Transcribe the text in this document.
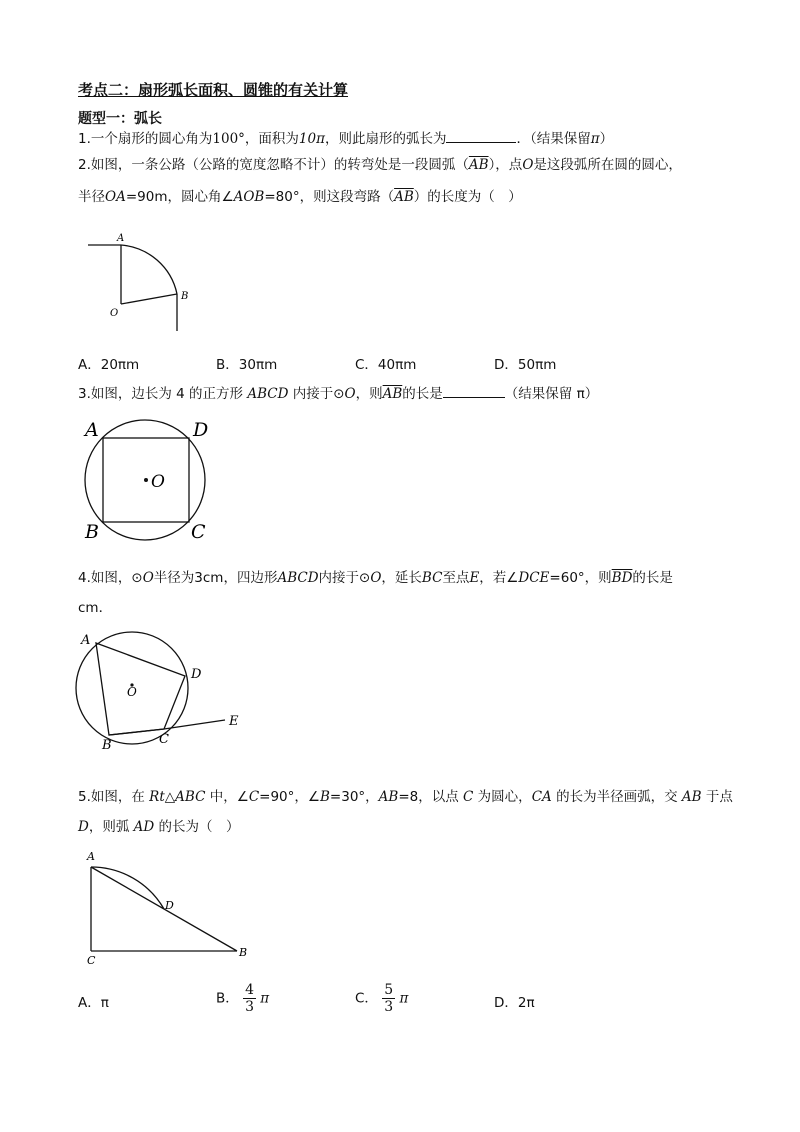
考点二：扇形弧长面积、圆锥的有关计算
题型一：弧长
1.一个扇形的圆心角为100°，面积为10π，则此扇形的弧长为	．（结果保留π）
2.如图，一条公路（公路的宽度忽略不计）的转弯处是一段圆弧$(\overline{AB})$，点O是这段弧所在圆的圆心，
半径OA=90m，圆心角∠AOB=80°，则这段弯路$(\overline{AB})$的长度为（　）
A
B
O
A．20πm	B．30πm	C．40πm	D．50πm
3.如图，边长为 4 的正方形 ABCD 内接于⊙O，则$\overline{AB}$的长是	（结果保留 π）
O
A	D
B	C
4.如图，⊙O半径为3cm，四边形ABCD内接于⊙O，延长BC至点E，若∠DCE=60°，则$\overline{BD}$的长是
cm．
O
A
D
B	C
E
5.如图，在 Rt△ABC 中，∠C=90°，∠B=30°，AB=8，以点 C 为圆心，CA 的长为半径画弧，交 AB 于点
D，则弧 AD 的长为（　）
A
D
B
C
A．π	B． $\frac{4}{3}$ π	C． $\frac{5}{3}$ π	D．2π
